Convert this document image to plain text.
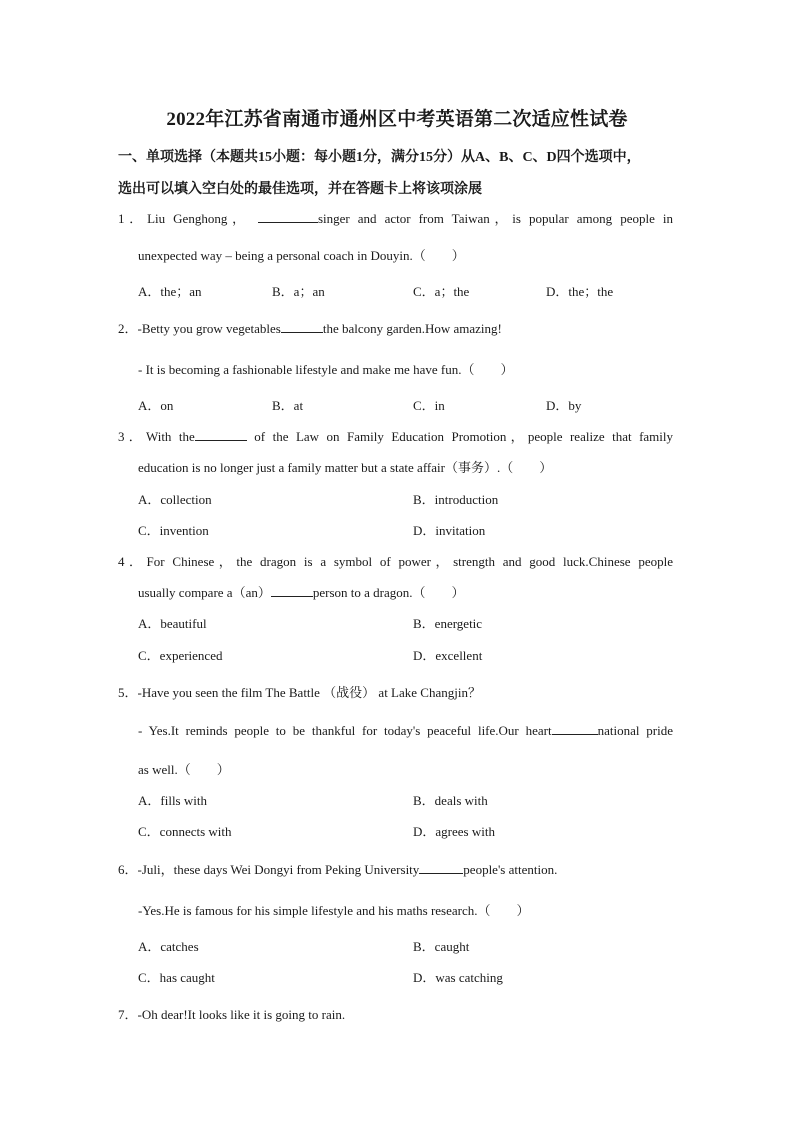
2022年江苏省南通市通州区中考英语第二次适应性试卷
一、单项选择（本题共15小题：每小题1分，满分15分）从A、B、C、D四个选项中，
选出可以填入空白处的最佳选项，并在答题卡上将该项涂展
1．Liu Genghong，	singer and actor from Taiwan，is popular among people in
unexpected way – being a personal coach in Douyin.（　　）
A．the；an	B．a；an	C．a；the	D．the；the
2．-Betty you grow vegetables	the balcony garden.How amazing!
- It is becoming a fashionable lifestyle and make me have fun.（　　）
A．on	B．at	C．in	D．by
3．With the	of the Law on Family Education Promotion，people realize that family
education is no longer just a family matter but a state affair（事务）.（　　）
A．collection	B．introduction
C．invention	D．invitation
4．For Chinese，the dragon is a symbol of power，strength and good luck.Chinese people
usually compare a（an）	person to a dragon.（　　）
A．beautiful	B．energetic
C．experienced	D．excellent
5．-Have you seen the film The Battle （战役） at Lake Changjin？
- Yes.It reminds people to be thankful for today's peaceful life.Our heart	national pride
as well.（　　）
A．fills with	B．deals with
C．connects with	D．agrees with
6．-Juli，these days Wei Dongyi from Peking University	people's attention.
-Yes.He is famous for his simple lifestyle and his maths research.（　　）
A．catches	B．caught
C．has caught	D．was catching
7．-Oh dear!It looks like it is going to rain.
